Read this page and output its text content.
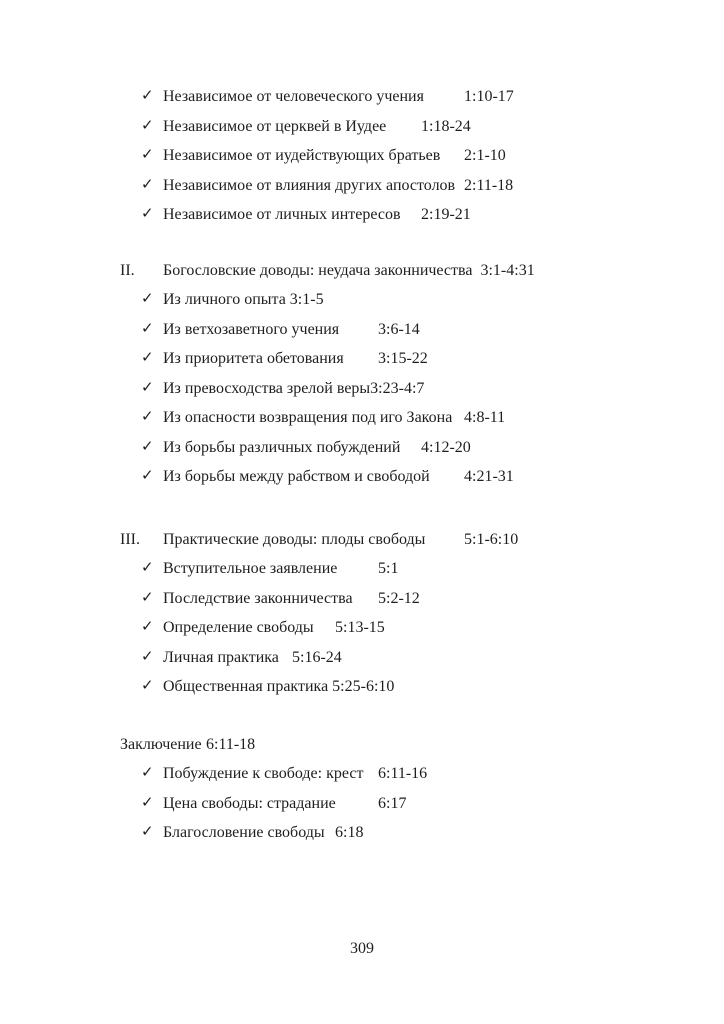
✓ Независимое от человеческого учения		1:10-17
✓ Независимое от церквей в Иудее	1:18-24
✓ Независимое от иудействующих братьев	2:1-10
✓ Независимое от влияния других апостолов	2:11-18
✓ Независимое от личных интересов	2:19-21
II.	Богословские доводы: неудача законничества 3:1-4:31
✓ Из личного опыта 3:1-5
✓ Из ветхозаветного учения	3:6-14
✓ Из приоритета обетования	3:15-22
✓ Из превосходства зрелой веры3:23-4:7
✓ Из опасности возвращения под иго Закона	4:8-11
✓ Из борьбы различных побуждений	4:12-20
✓ Из борьбы между рабством и свободой	4:21-31
III.	Практические доводы: плоды свободы	5:1-6:10
✓ Вступительное заявление		5:1
✓ Последствие законничества	5:2-12
✓ Определение свободы	5:13-15
✓ Личная практика	5:16-24
✓ Общественная практика 5:25-6:10
Заключение	6:11-18
✓ Побуждение к свободе: крест	6:11-16
✓ Цена свободы: страдание		6:17
✓ Благословение свободы	6:18
309
